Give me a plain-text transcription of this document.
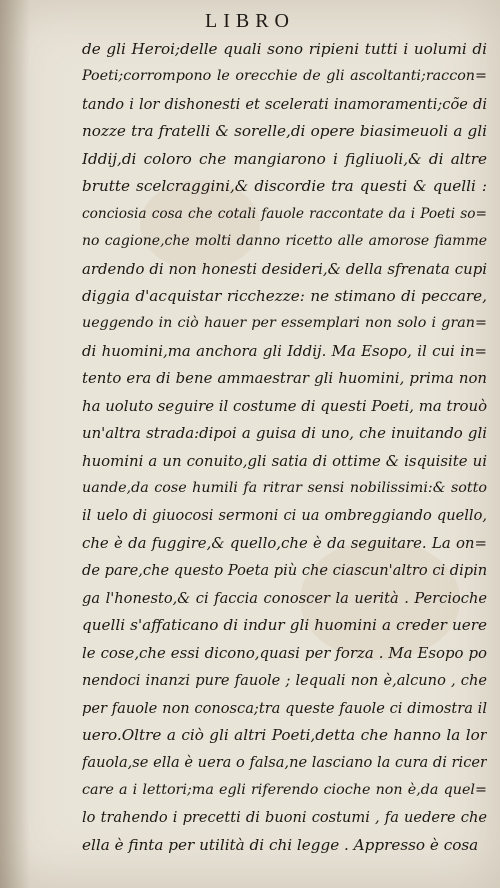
LIBRO
de gli Heroi;delle quali sono ripieni tutti i uolumi di
Poeti;corrompono le orecchie de gli ascoltanti;raccon=
tando i lor dishonesti et scelerati inamoramenti;cõe di
nozze tra fratelli & sorelle,di opere biasimeuoli a gli
Iddij,di coloro che mangiarono i figliuoli,& di altre
brutte scelcraggini,& discordie tra questi & quelli :
conciosia cosa che cotali fauole raccontate da i Poeti so=
no cagione,che molti danno ricetto alle amorose fiamme
ardendo di non honesti desideri,& della sfrenata cupi
diggia d'acquistar ricchezze: ne stimano di peccare,
ueggendo in ciò hauer per essemplari non solo i gran=
di huomini,ma anchora gli Iddij. Ma Esopo, il cui in=
tento era di bene ammaestrar gli huomini, prima non
ha uoluto seguire il costume di questi Poeti, ma trouò
un'altra strada:dipoi a guisa di uno, che inuitando gli
huomini a un conuito,gli satia di ottime & isquisite ui
uande,da cose humili fa ritrar sensi nobilissimi:& sotto
il uelo di giuocosi sermoni ci ua ombreggiando quello,
che è da fuggire,& quello,che è da seguitare. La on=
de pare,che questo Poeta più che ciascun'altro ci dipin
ga l'honesto,& ci faccia conoscer la uerità . Percioche
quelli s'affaticano di indur gli huomini a creder uere
le cose,che essi dicono,quasi per forza . Ma Esopo po
nendoci inanzi pure fauole ; lequali non è,alcuno , che
per fauole non conosca;tra queste fauole ci dimostra il
uero.Oltre a ciò gli altri Poeti,detta che hanno la lor
fauola,se ella è uera o falsa,ne lasciano la cura di ricer
care a i lettori;ma egli riferendo cioche non è,da quel=
lo trahendo i precetti di buoni costumi , fa uedere che
ella è finta per utilità di chi legge . Appresso è cosa
